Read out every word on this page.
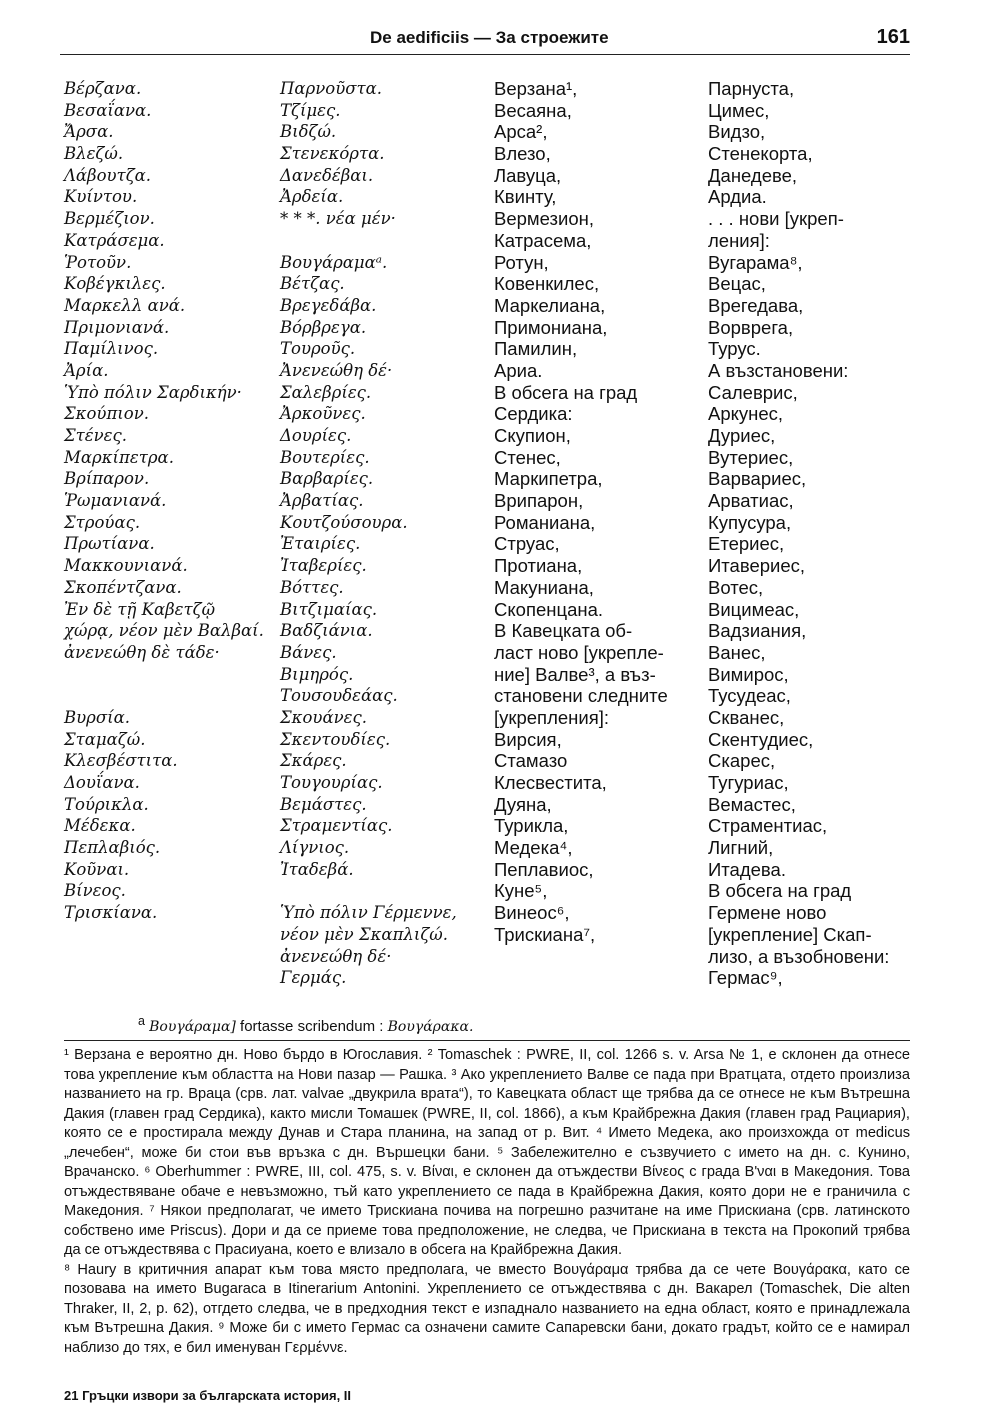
De aedificiis — За строежите	161
Βέρζανα.
Βεσαΐανα.
Ἄρσα.
Βλεζώ.
Λάβουτζα.
Κυίντου.
Βερμέζιον.
Κατράσεμα.
Ῥοτοῦν.
Κοβέγκιλες.
Μαρκελλ ανά.
Πριμονιανά.
Παμίλινος.
Ἀρία.
Ὑπὸ πόλιν Σαρδικήν·
Σκούπιον.
Στένες.
Μαρκίπετρα.
Βρίπαρον.
Ῥωμανιανά.
Στρούας.
Πρωτίανα.
Μακκουνιανά.
Σκοπέντζανα.
Ἐν δὲ τῇ Καβετζῷ
χώρᾳ, νέον μὲν Βαλβαί.
ἀνενεώθη δὲ τάδε·
Βυρσία.
Σταμαζώ.
Κλεσβέστιτα.
Δουΐανα.
Τούρικλα.
Μέδεκα.
Πεπλαβιός.
Κοῦναι.
Βίνεος.
Τρισκίανα.
Παρνοῦστα.
Τζίμες.
Βιδζώ.
Στενεκόρτα.
Δανεδέβαι.
Ἀρδεία.
* * *. νέα μέν·
Βουγάραμαᵃ.
Βέτζας.
Βρεγεδάβα.
Βόρβρεγα.
Τουροῦς.
Ἀνενεώθη δέ·
Σαλεβρίες.
Ἀρκοῦνες.
Δουρίες.
Βουτερίες.
Βαρβαρίες.
Ἀρβατίας.
Κουτζούσουρα.
Ἐταιρίες.
Ἰταβερίες.
Βόττες.
Βιτζιμαίας.
Βαδζιάνια.
Βάνες.
Βιμηρός.
Τουσουδεάας.
Σκουάνες.
Σκεντουδίες.
Σκάρες.
Τουγουρίας.
Βεμάστες.
Στραμεντίας.
Λίγνιος.
Ἰταδεβά.
Ὑπὸ πόλιν Γέρμεννε,
νέον μὲν Σκαπλιζώ.
ἀνενεώθη δέ·
Γερμάς.
Верзана¹,
Весаяна,
Арса²,
Влезо,
Лавуца,
Квинту,
Вермезион,
Катрасема,
Ротун,
Ковенкилес,
Маркелиана,
Примониана,
Памилин,
Ариа.
В обсега на град
Сердика:
Скупион,
Стенес,
Маркипетра,
Врипарон,
Романиана,
Струас,
Протиана,
Макуниана,
Скопенцана.
В Кавецката об-
ласт ново [укрепле-
ние] Валве³, а въз-
становени следните
[укрепления]:
Вирсия,
Стамазо
Клесвестита,
Дуяна,
Турикла,
Медека⁴,
Пеплавиос,
Куне⁵,
Винеос⁶,
Трискиана⁷,
Парнуста,
Цимес,
Видзо,
Стенекорта,
Данедеве,
Ардиа.
. . . нови [укреп-
ления]:
Вугарама⁸,
Вецас,
Врегедава,
Ворврега,
Турус.
А възстановени:
Салеврис,
Аркунес,
Дуриес,
Вутериес,
Варвариес,
Арватиас,
Купусура,
Етериес,
Итавериес,
Вотес,
Вицимеас,
Вадзиания,
Ванес,
Вимирос,
Тусудеас,
Скванес,
Скентудиес,
Скарес,
Тугуриас,
Вемастес,
Страментиас,
Лигний,
Итадева.
В обсега на град
Гермене ново
[укрепление] Скап-
лизо, а възобновени:
Гермас⁹,
$^a$ Βουγάραμα] fortasse scribendum : Βουγάρακα.

¹ Верзана е вероятно дн. Ново бърдо в Югославия. ² Tomaschek : PWRE, II, col. 1266 s. v. Arsa № 1, е склонен да отнесе това укрепление към областта на Нови пазар — Рашка. ³ Ако укреплението Валве се пада при Вратцата, отдето произлиза названието на гр. Враца (срв. лат. valvae „двукрила врата“), то Кавецката област ще трябва да се отнесе не към Вътрешна Дакия (главен град Сердика), както мисли Томашек (PWRE, II, col. 1866), а към Крайбрежна Дакия (главен град Рациария), която се е простирала между Дунав и Стара планина, на запад от р. Вит. ⁴ Името Медека, ако произхожда от medicus „лечебен“, може би стои във връзка с дн. Вършецки бани. ⁵ Забележително е съзвучието с името на дн. с. Кунино, Врачанско. ⁶ Oberhummer : PWRE, III, col. 475, s. v. Bίναι, е склонен да отъждестви Bίνεος с града B'ναι в Македония. Това отъждествяване обаче е невъзможно, тъй като укреплението се пада в Крайбрежна Дакия, която дори не е граничила с Македония. ⁷ Някои предполагат, че името Трискиана почива на погрешно разчитане на име Прискиана (срв. латинското собствено име Priscus). Дори и да се приеме това предположение, не следва, че Прискиана в текста на Прокопий трябва да се отъждествява с Прасиуана, което е влизало в обсега на Крайбрежна Дакия.

⁸ Haury в критичния апарат към това място предполага, че вместо Βουγάραμα трябва да се чете Βουγάρακα, като се позовава на името Bugaraca в Itinerarium Antonini. Укреплението се отъждествява с дн. Вакарел (Tomaschek, Die alten Thraker, II, 2, p. 62), отгдето следва, че в предходния текст е изпаднало названието на една област, която е принадлежала към Вътрешна Дакия. ⁹ Може би с името Гермас са означени самите Сапаревски бани, докато градът, който се е намирал наблизо до тях, е бил именуван Γερμέννε.

21 Гръцки извори за българската история, II
